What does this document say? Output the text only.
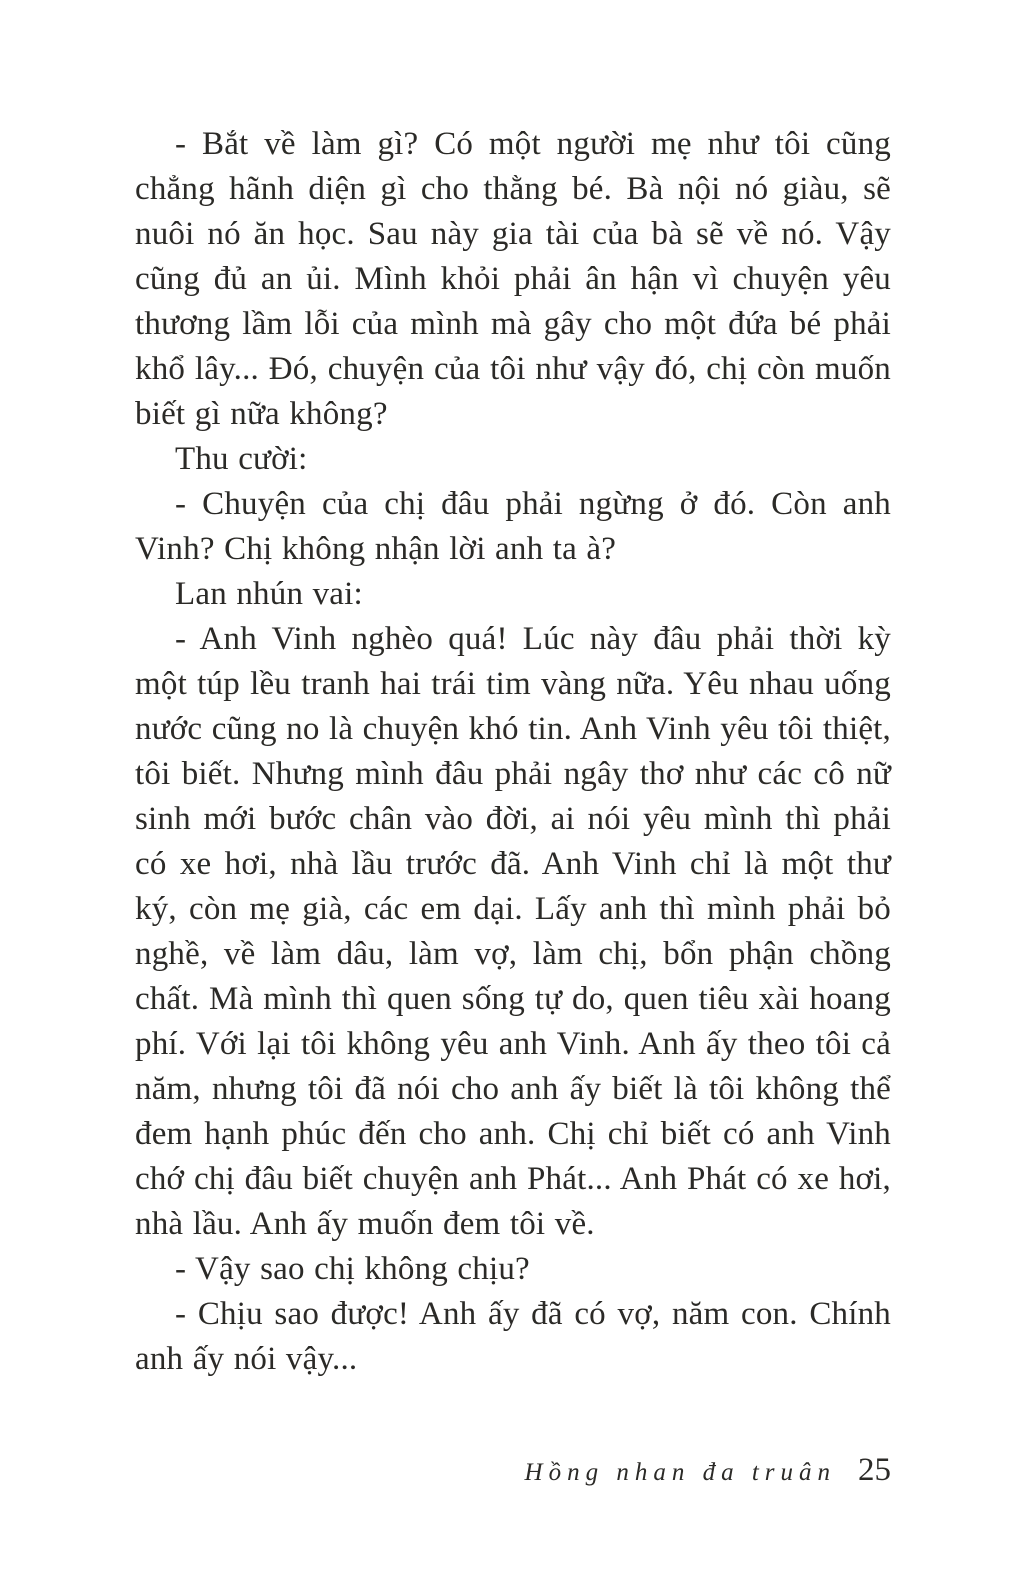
- Bắt về làm gì? Có một người mẹ như tôi cũng chẳng hãnh diện gì cho thằng bé. Bà nội nó giàu, sẽ nuôi nó ăn học. Sau này gia tài của bà sẽ về nó. Vậy cũng đủ an ủi. Mình khỏi phải ân hận vì chuyện yêu thương lầm lỗi của mình mà gây cho một đứa bé phải khổ lây... Đó, chuyện của tôi như vậy đó, chị còn muốn biết gì nữa không?

Thu cười:

- Chuyện của chị đâu phải ngừng ở đó. Còn anh Vinh? Chị không nhận lời anh ta à?

Lan nhún vai:

- Anh Vinh nghèo quá! Lúc này đâu phải thời kỳ một túp lều tranh hai trái tim vàng nữa. Yêu nhau uống nước cũng no là chuyện khó tin. Anh Vinh yêu tôi thiệt, tôi biết. Nhưng mình đâu phải ngây thơ như các cô nữ sinh mới bước chân vào đời, ai nói yêu mình thì phải có xe hơi, nhà lầu trước đã. Anh Vinh chỉ là một thư ký, còn mẹ già, các em dại. Lấy anh thì mình phải bỏ nghề, về làm dâu, làm vợ, làm chị, bổn phận chồng chất. Mà mình thì quen sống tự do, quen tiêu xài hoang phí. Với lại tôi không yêu anh Vinh. Anh ấy theo tôi cả năm, nhưng tôi đã nói cho anh ấy biết là tôi không thể đem hạnh phúc đến cho anh. Chị chỉ biết có anh Vinh chớ chị đâu biết chuyện anh Phát... Anh Phát có xe hơi, nhà lầu. Anh ấy muốn đem tôi về.

- Vậy sao chị không chịu?

- Chịu sao được! Anh ấy đã có vợ, năm con. Chính anh ấy nói vậy...

Hồng nhan đa truân 25
